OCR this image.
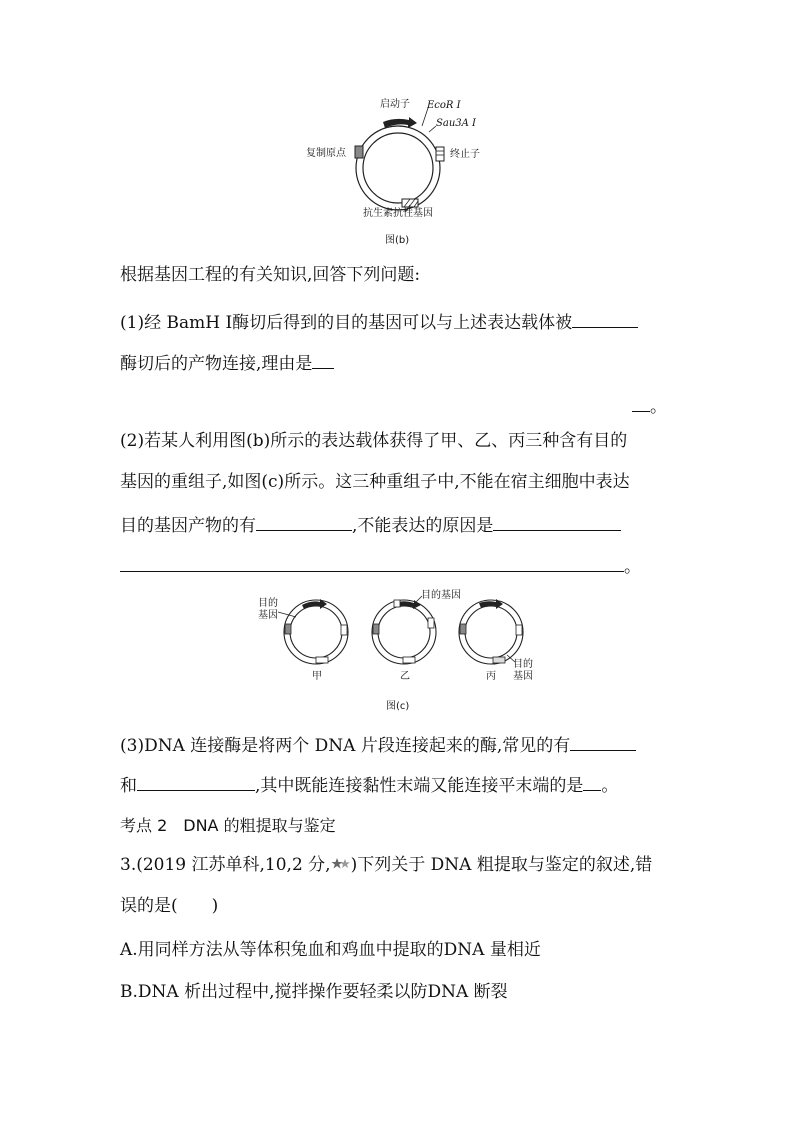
启动子 EcoR Ⅰ
Sau3A Ⅰ
复制原点	终止子
抗生素抗性基因
图(b)
根据基因工程的有关知识,回答下列问题:
(1)经 BamH Ⅰ酶切后得到的目的基因可以与上述表达载体被
酶切后的产物连接,理由是
。
(2)若某人利用图(b)所示的表达载体获得了甲、乙、丙三种含有目的
基因的重组子,如图(c)所示。这三种重组子中,不能在宿主细胞中表达
目的基因产物的有	,不能表达的原因是
。
目的
基因
目的基因
目的
基因
甲	乙	丙
图(c)
(3)DNA 连接酶是将两个 DNA 片段连接起来的酶,常见的有
和	,其中既能连接黏性末端又能连接平末端的是 。
考点 2　DNA 的粗提取与鉴定
3.(2019 江苏单科,10,2 分, )下列关于 DNA 粗提取与鉴定的叙述,错
误的是(　　)
A.用同样方法从等体积兔血和鸡血中提取的DNA 量相近
B.DNA 析出过程中,搅拌操作要轻柔以防DNA 断裂
